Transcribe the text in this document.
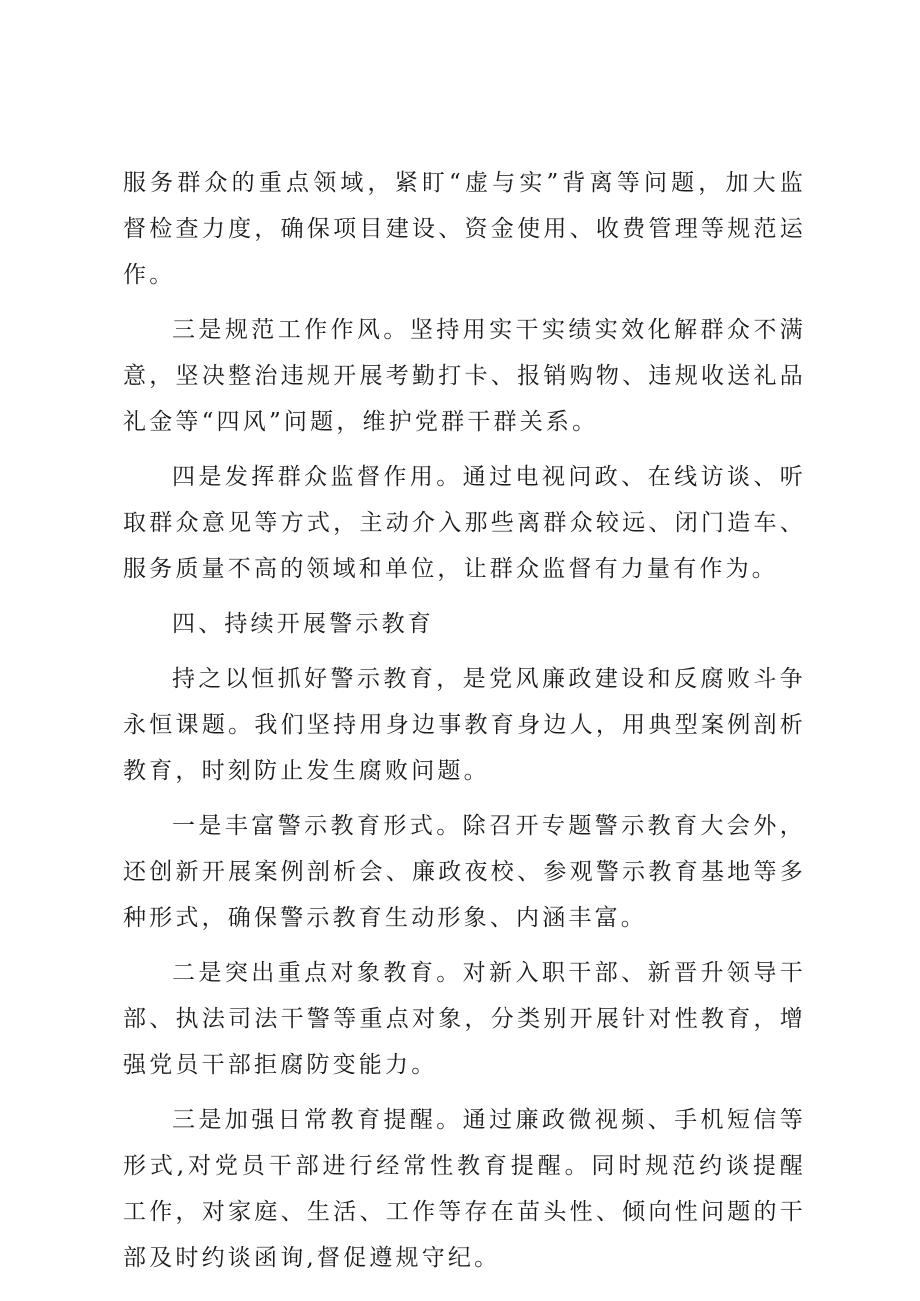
服务群众的重点领域，紧盯“虚与实”背离等问题，加大监督检查力度，确保项目建设、资金使用、收费管理等规范运作。

三是规范工作作风。坚持用实干实绩实效化解群众不满意，坚决整治违规开展考勤打卡、报销购物、违规收送礼品礼金等“四风”问题，维护党群干群关系。

四是发挥群众监督作用。通过电视问政、在线访谈、听取群众意见等方式，主动介入那些离群众较远、闭门造车、服务质量不高的领域和单位，让群众监督有力量有作为。

四、持续开展警示教育

持之以恒抓好警示教育，是党风廉政建设和反腐败斗争永恒课题。我们坚持用身边事教育身边人，用典型案例剖析教育，时刻防止发生腐败问题。

一是丰富警示教育形式。除召开专题警示教育大会外，还创新开展案例剖析会、廉政夜校、参观警示教育基地等多种形式，确保警示教育生动形象、内涵丰富。

二是突出重点对象教育。对新入职干部、新晋升领导干部、执法司法干警等重点对象，分类别开展针对性教育，增强党员干部拒腐防变能力。

三是加强日常教育提醒。通过廉政微视频、手机短信等形式,对党员干部进行经常性教育提醒。同时规范约谈提醒工作，对家庭、生活、工作等存在苗头性、倾向性问题的干部及时约谈函询,督促遵规守纪。
